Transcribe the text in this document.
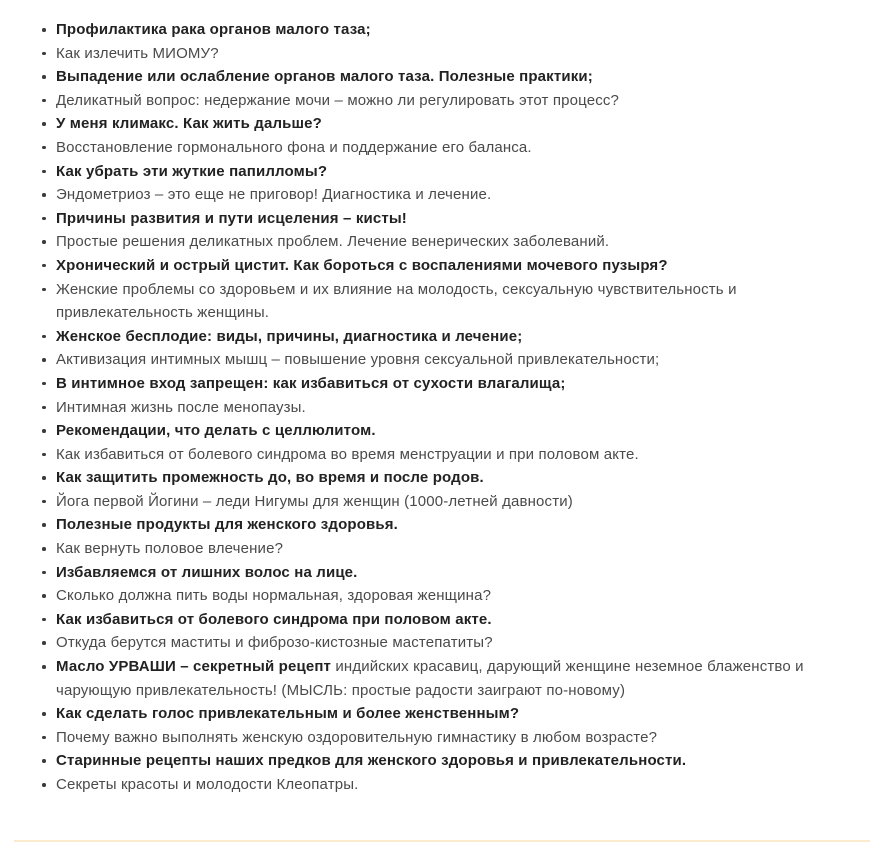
Профилактика рака органов малого таза;
Как излечить МИОМУ?
Выпадение или ослабление органов малого таза. Полезные практики;
Деликатный вопрос: недержание мочи – можно ли регулировать этот процесс?
У меня климакс. Как жить дальше?
Восстановление гормонального фона и поддержание его баланса.
Как убрать эти жуткие папилломы?
Эндометриоз – это еще не приговор! Диагностика и лечение.
Причины развития и пути исцеления – кисты!
Простые решения деликатных проблем. Лечение венерических заболеваний.
Хронический и острый цистит. Как бороться с воспалениями мочевого пузыря?
Женские проблемы со здоровьем и их влияние на молодость, сексуальную чувствительность и привлекательность женщины.
Женское бесплодие: виды, причины, диагностика и лечение;
Активизация интимных мышц – повышение уровня сексуальной привлекательности;
В интимное вход запрещен: как избавиться от сухости влагалища;
Интимная жизнь после менопаузы.
Рекомендации, что делать с целлюлитом.
Как избавиться от болевого синдрома во время менструации и при половом акте.
Как защитить промежность до, во время и после родов.
Йога первой Йогини – леди Нигумы для женщин (1000-летней давности)
Полезные продукты для женского здоровья.
Как вернуть половое влечение?
Избавляемся от лишних волос на лице.
Сколько должна пить воды нормальная, здоровая женщина?
Как избавиться от болевого синдрома при половом акте.
Откуда берутся маститы и фиброзо-кистозные мастепатиты?
Масло УРВАШИ – секретный рецепт индийских красавиц, дарующий женщине неземное блаженство и чарующую привлекательность! (МЫСЛЬ: простые радости заиграют по-новому)
Как сделать голос привлекательным и более женственным?
Почему важно выполнять женскую оздоровительную гимнастику в любом возрасте?
Старинные рецепты наших предков для женского здоровья и привлекательности.
Секреты красоты и молодости Клеопатры.
